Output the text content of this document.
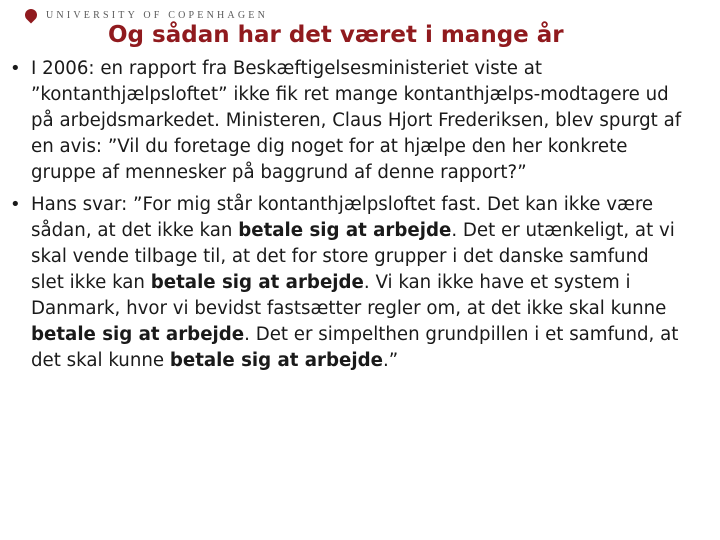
UNIVERSITY OF COPENHAGEN
Og sådan har det været i mange år
• I 2006: en rapport fra Beskæftigelsesministeriet viste at ”kontanthjælpsloftet” ikke fik ret mange kontanthjælps-modtagere ud på arbejdsmarkedet. Ministeren, Claus Hjort Frederiksen, blev spurgt af en avis: ”Vil du foretage dig noget for at hjælpe den her konkrete gruppe af mennesker på baggrund af denne rapport?”
• Hans svar: ”For mig står kontanthjælpsloftet fast. Det kan ikke være sådan, at det ikke kan betale sig at arbejde. Det er utænkeligt, at vi skal vende tilbage til, at det for store grupper i det danske samfund slet ikke kan betale sig at arbejde. Vi kan ikke have et system i Danmark, hvor vi bevidst fastsætter regler om, at det ikke skal kunne betale sig at arbejde. Det er simpelthen grundpillen i et samfund, at det skal kunne betale sig at arbejde.”
